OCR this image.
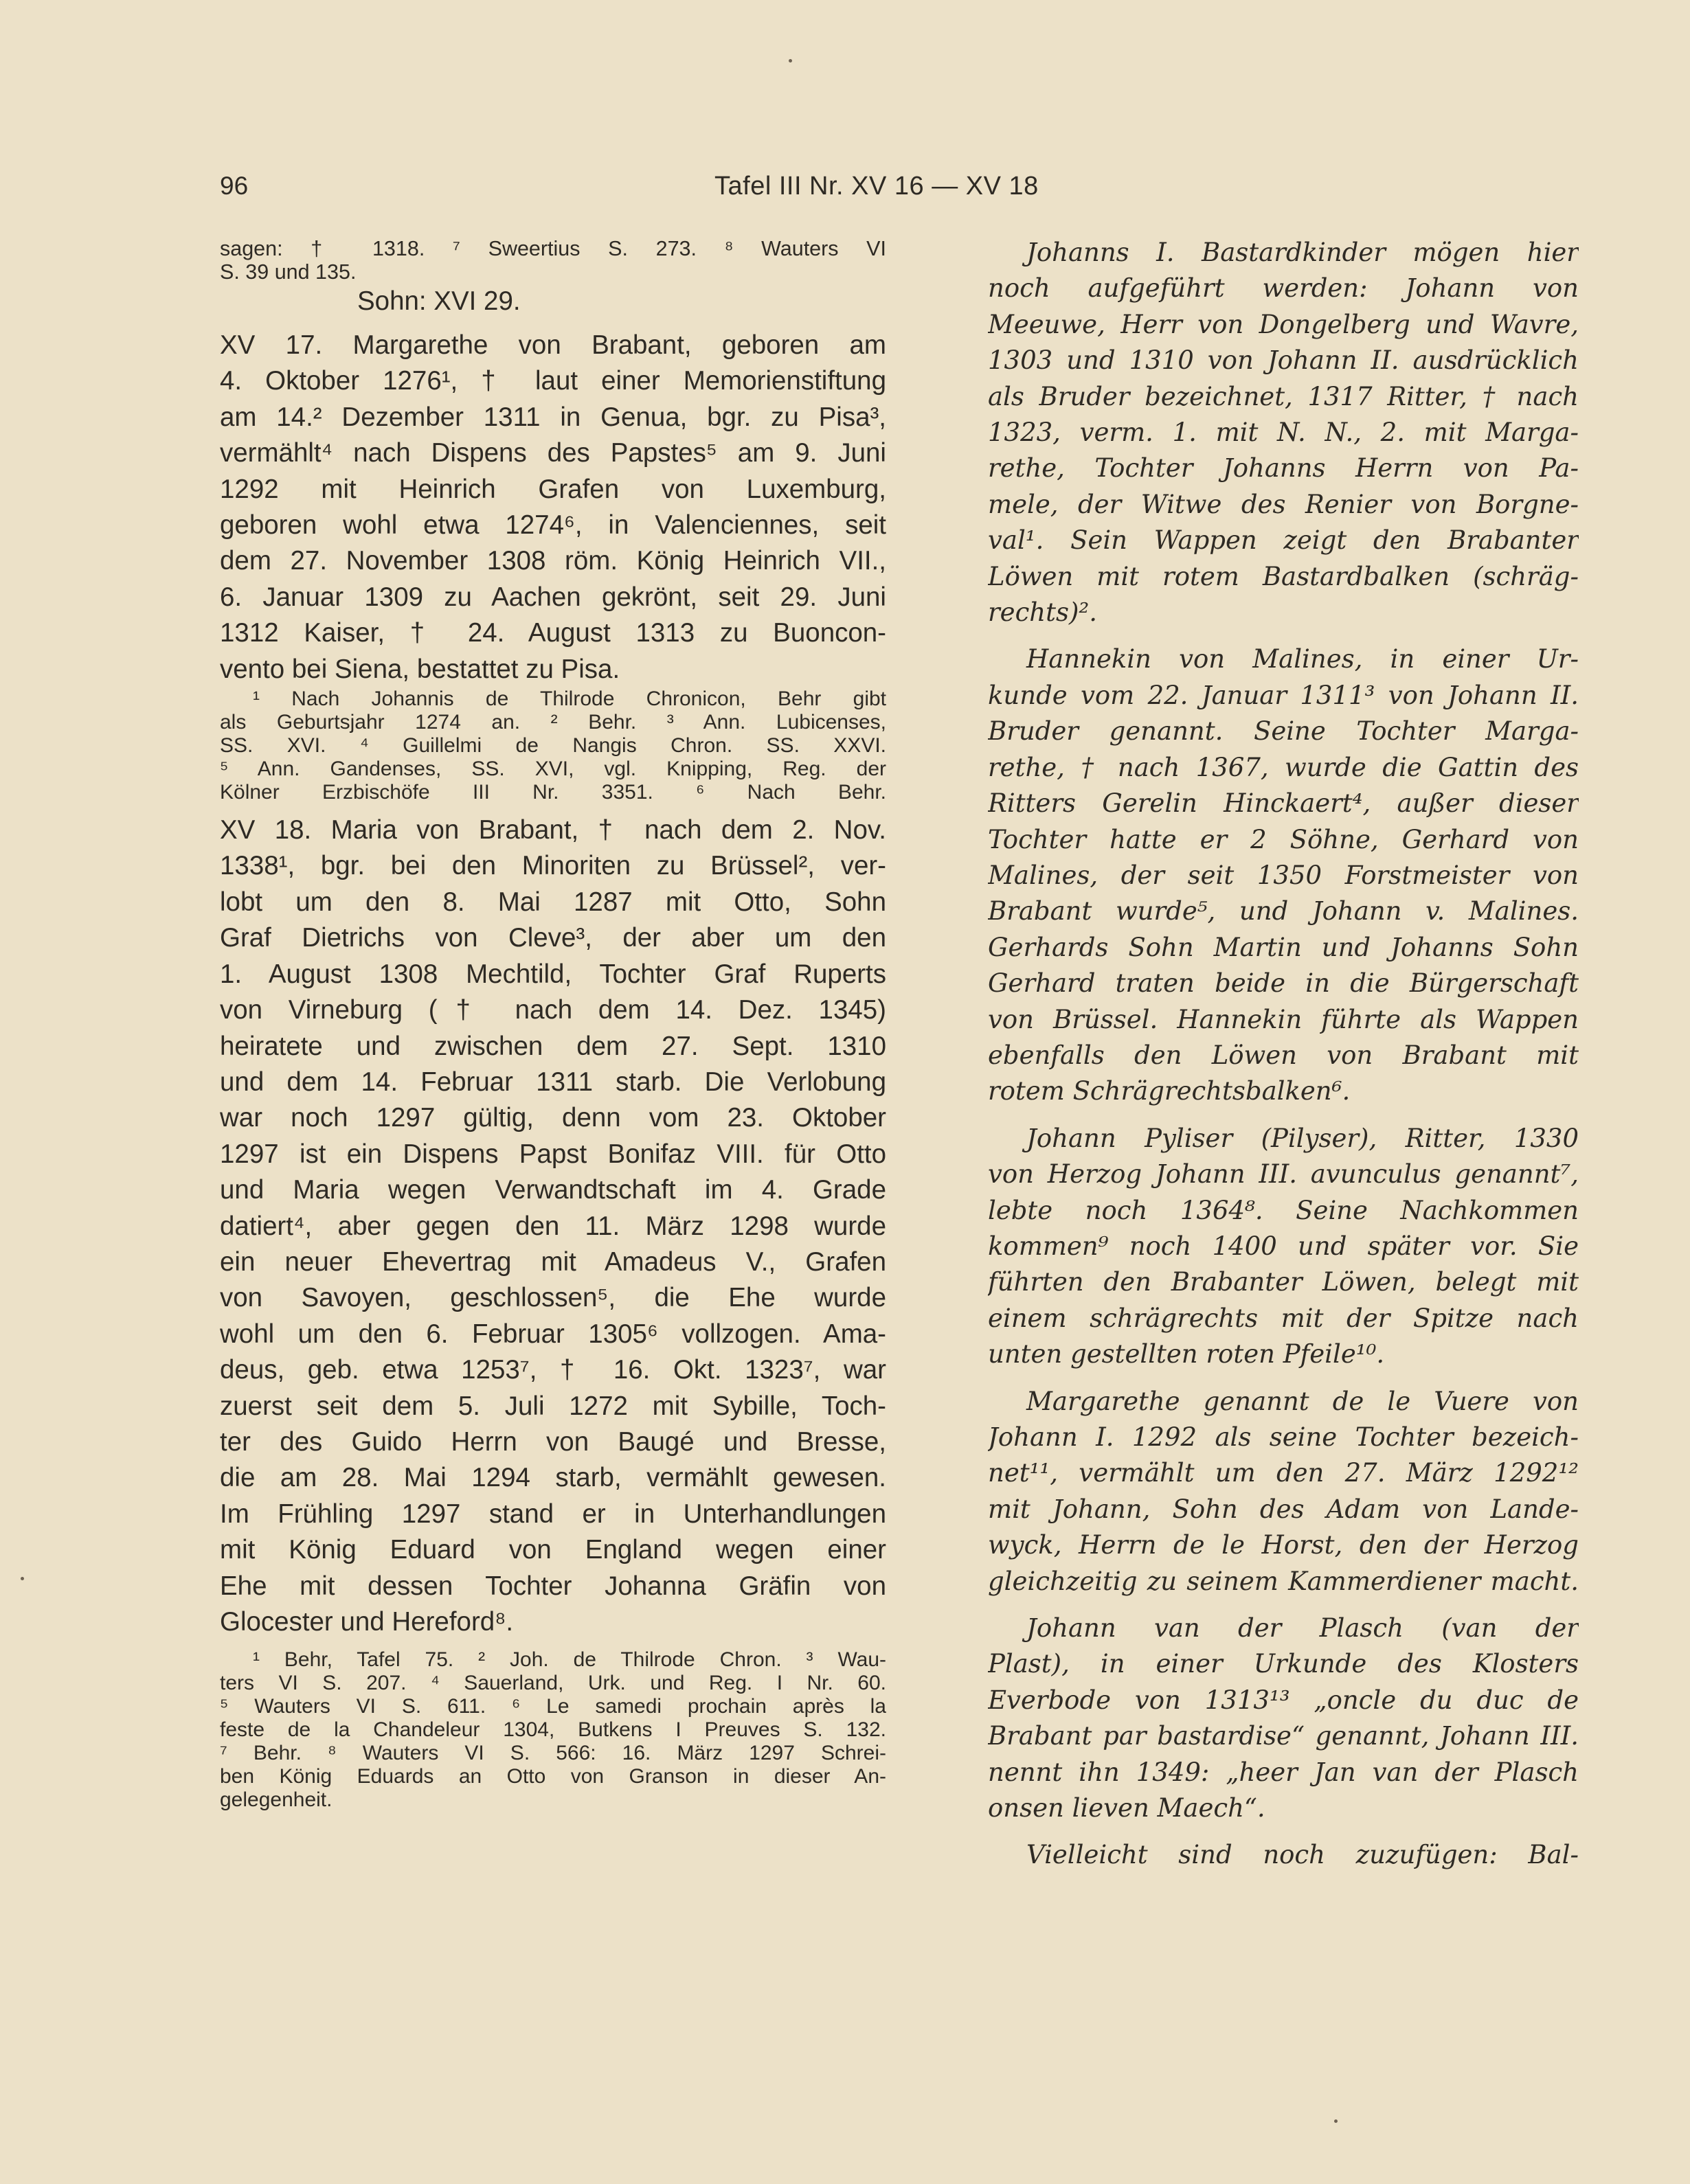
96	Tafel III Nr. XV 16 — XV 18
sagen: † 1318. ⁷ Sweertius S. 273. ⁸ Wauters VI
S. 39 und 135.
Sohn: XVI 29.
XV 17. Margarethe von Brabant, geboren am
4. Oktober 1276¹, † laut einer Memorienstiftung
am 14.² Dezember 1311 in Genua, bgr. zu Pisa³,
vermählt⁴ nach Dispens des Papstes⁵ am 9. Juni
1292 mit Heinrich Grafen von Luxemburg,
geboren wohl etwa 1274⁶, in Valenciennes, seit
dem 27. November 1308 röm. König Heinrich VII.,
6. Januar 1309 zu Aachen gekrönt, seit 29. Juni
1312 Kaiser, † 24. August 1313 zu Buoncon-
vento bei Siena, bestattet zu Pisa.
¹ Nach Johannis de Thilrode Chronicon, Behr gibt
als Geburtsjahr 1274 an. ² Behr. ³ Ann. Lubicenses,
SS. XVI. ⁴ Guillelmi de Nangis Chron. SS. XXVI.
⁵ Ann. Gandenses, SS. XVI, vgl. Knipping, Reg. der
Kölner Erzbischöfe III Nr. 3351. ⁶ Nach Behr.
XV 18. Maria von Brabant, † nach dem 2. Nov.
1338¹, bgr. bei den Minoriten zu Brüssel², ver-
lobt um den 8. Mai 1287 mit Otto, Sohn
Graf Dietrichs von Cleve³, der aber um den
1. August 1308 Mechtild, Tochter Graf Ruperts
von Virneburg († nach dem 14. Dez. 1345)
heiratete und zwischen dem 27. Sept. 1310
und dem 14. Februar 1311 starb. Die Verlobung
war noch 1297 gültig, denn vom 23. Oktober
1297 ist ein Dispens Papst Bonifaz VIII. für Otto
und Maria wegen Verwandtschaft im 4. Grade
datiert⁴, aber gegen den 11. März 1298 wurde
ein neuer Ehevertrag mit Amadeus V., Grafen
von Savoyen, geschlossen⁵, die Ehe wurde
wohl um den 6. Februar 1305⁶ vollzogen. Ama-
deus, geb. etwa 1253⁷, † 16. Okt. 1323⁷, war
zuerst seit dem 5. Juli 1272 mit Sybille, Toch-
ter des Guido Herrn von Baugé und Bresse,
die am 28. Mai 1294 starb, vermählt gewesen.
Im Frühling 1297 stand er in Unterhandlungen
mit König Eduard von England wegen einer
Ehe mit dessen Tochter Johanna Gräfin von
Glocester und Hereford⁸.
¹ Behr, Tafel 75. ² Joh. de Thilrode Chron. ³ Wau-
ters VI S. 207. ⁴ Sauerland, Urk. und Reg. I Nr. 60.
⁵ Wauters VI S. 611. ⁶ Le samedi prochain après la
feste de la Chandeleur 1304, Butkens I Preuves S. 132.
⁷ Behr. ⁸ Wauters VI S. 566: 16. März 1297 Schrei-
ben König Eduards an Otto von Granson in dieser An-
gelegenheit.
Johanns I. Bastardkinder mögen hier
noch aufgeführt werden: Johann von
Meeuwe, Herr von Dongelberg und Wavre,
1303 und 1310 von Johann II. ausdrücklich
als Bruder bezeichnet, 1317 Ritter, † nach
1323, verm. 1. mit N. N., 2. mit Marga-
rethe, Tochter Johanns Herrn von Pa-
mele, der Witwe des Renier von Borgne-
val¹. Sein Wappen zeigt den Brabanter
Löwen mit rotem Bastardbalken (schräg-
rechts)².
Hannekin von Malines, in einer Ur-
kunde vom 22. Januar 1311³ von Johann II.
Bruder genannt. Seine Tochter Marga-
rethe, † nach 1367, wurde die Gattin des
Ritters Gerelin Hinckaert⁴, außer dieser
Tochter hatte er 2 Söhne, Gerhard von
Malines, der seit 1350 Forstmeister von
Brabant wurde⁵, und Johann v. Malines.
Gerhards Sohn Martin und Johanns Sohn
Gerhard traten beide in die Bürgerschaft
von Brüssel. Hannekin führte als Wappen
ebenfalls den Löwen von Brabant mit
rotem Schrägrechtsbalken⁶.
Johann Pyliser (Pilyser), Ritter, 1330
von Herzog Johann III. avunculus genannt⁷,
lebte noch 1364⁸. Seine Nachkommen
kommen⁹ noch 1400 und später vor. Sie
führten den Brabanter Löwen, belegt mit
einem schrägrechts mit der Spitze nach
unten gestellten roten Pfeile¹⁰.
Margarethe genannt de le Vuere von
Johann I. 1292 als seine Tochter bezeich-
net¹¹, vermählt um den 27. März 1292¹²
mit Johann, Sohn des Adam von Lande-
wyck, Herrn de le Horst, den der Herzog
gleichzeitig zu seinem Kammerdiener macht.
Johann van der Plasch (van der
Plast), in einer Urkunde des Klosters
Everbode von 1313¹³ „oncle du duc de
Brabant par bastardise“ genannt, Johann III.
nennt ihn 1349: „heer Jan van der Plasch
onsen lieven Maech“.
Vielleicht sind noch zuzufügen: Bal-
